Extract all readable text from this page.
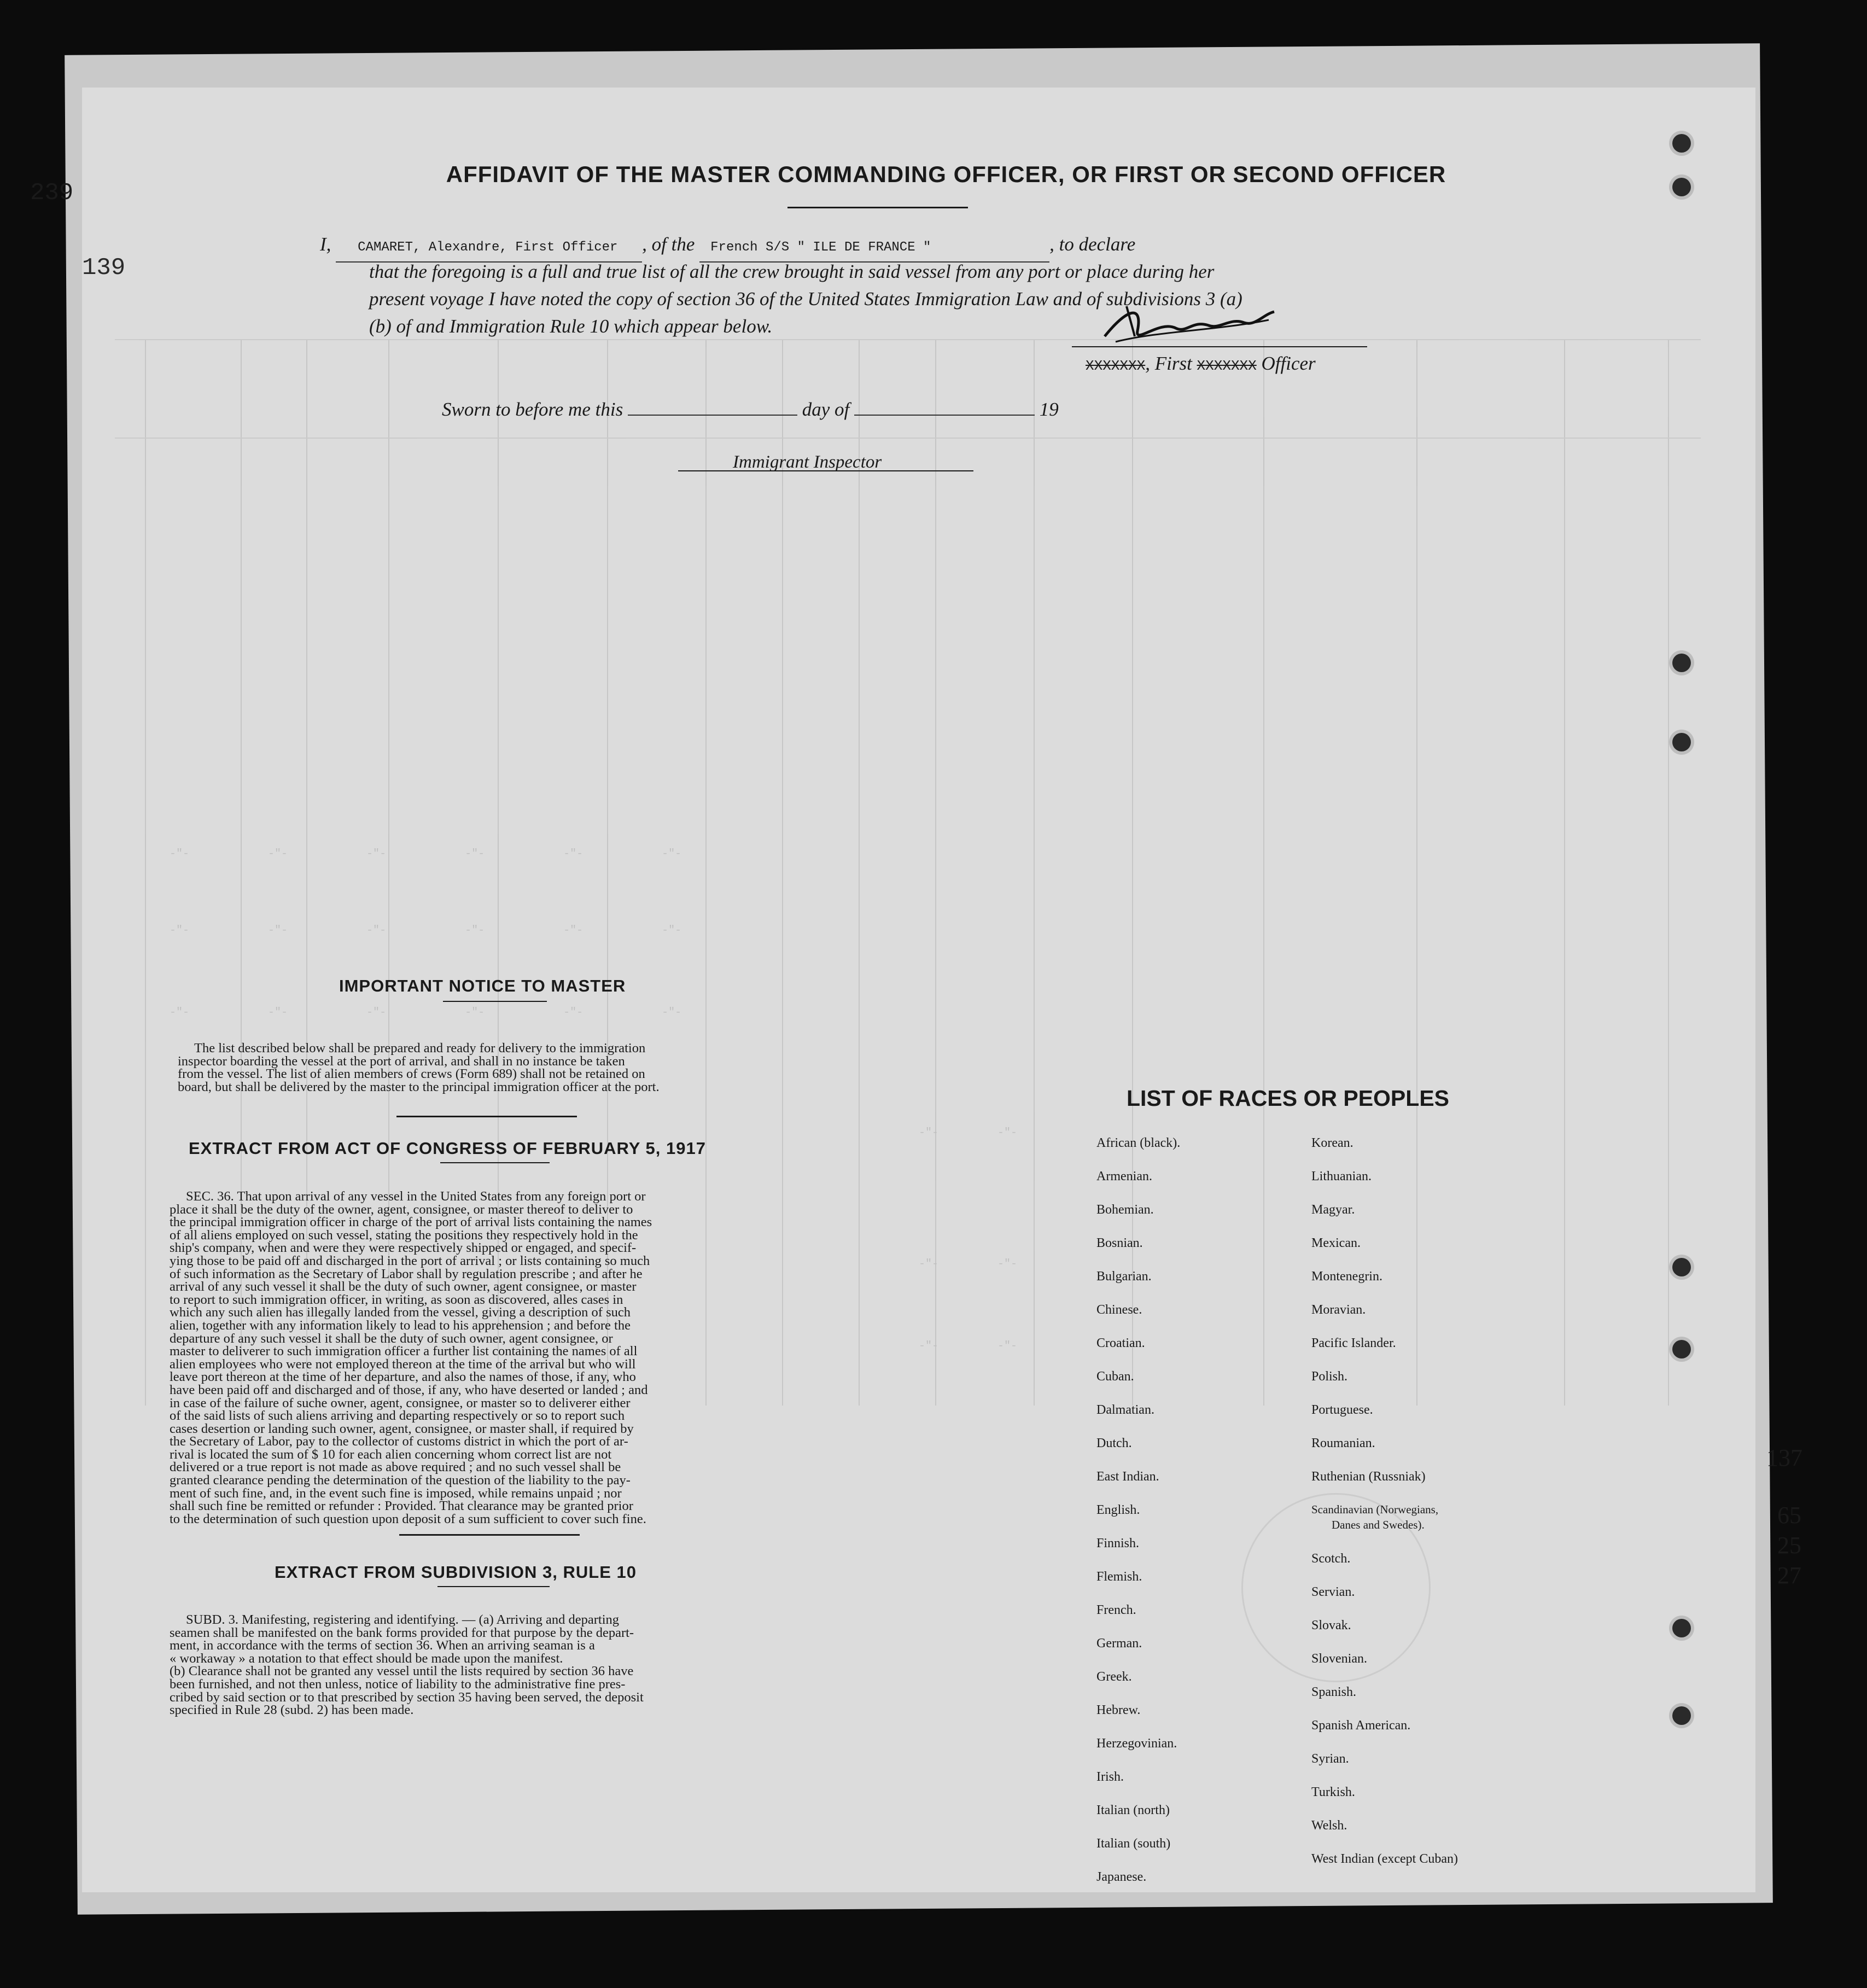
-"-            -"-            -"-            -"-            -"-            -"-
-"-            -"-            -"-            -"-            -"-            -"-
-"-            -"-            -"-            -"-            -"-            -"-
-"-         -"-
-"-         -"-
-"-         -"-
AFFIDAVIT OF THE MASTER COMMANDING OFFICER, OR FIRST OR SECOND OFFICER
I, CAMARET, Alexandre, First Officer , of the French S/S " ILE DE FRANCE "	, to declare
that the foregoing is a full and true list of all the crew brought in said vessel from any port or place during her
present voyage I have noted the copy of section 36 of the United States Immigration Law and of subdivisions 3 (a)
(b) of and Immigration Rule 10 which appear below.
XXXXXXX, First XXXXXXX Officer
Sworn to before me this	day of	19
Immigrant Inspector
IMPORTANT NOTICE TO MASTER
The list described below shall be prepared and ready for delivery to the immigration
inspector boarding the vessel at the port of arrival, and shall in no instance be taken
from the vessel. The list of alien members of crews (Form 689) shall not be retained on
board, but shall be delivered by the master to the principal immigration officer at the port.
EXTRACT FROM ACT OF CONGRESS OF FEBRUARY 5, 1917
SEC. 36. That upon arrival of any vessel in the United States from any foreign port or
place it shall be the duty of the owner, agent, consignee, or master thereof to deliver to
the principal immigration officer in charge of the port of arrival lists containing the names
of all aliens employed on such vessel, stating the positions they respectively hold in the
ship's company, when and were they were respectively shipped or engaged, and specif-
ying those to be paid off and discharged in the port of arrival ; or lists containing so much
of such information as the Secretary of Labor shall by regulation prescribe ; and after he
arrival of any such vessel it shall be the duty of such owner, agent consignee, or master
to report to such immigration officer, in writing, as soon as discovered, alles cases in
which any such alien has illegally landed from the vessel, giving a description of such
alien, together with any information likely to lead to his apprehension ; and before the
departure of any such vessel it shall be the duty of such owner, agent consignee, or
master to deliverer to such immigration officer a further list containing the names of all
alien employees who were not employed thereon at the time of the arrival but who will
leave port thereon at the time of her departure, and also the names of those, if any, who
have been paid off and discharged and of those, if any, who have deserted or landed ; and
in case of the failure of suche owner, agent, consignee, or master so to deliverer either
of the said lists of such aliens arriving and departing respectively or so to report such
cases desertion or landing such owner, agent, consignee, or master shall, if required by
the Secretary of Labor, pay to the collector of customs district in which the port of ar-
rival is located the sum of $ 10 for each alien concerning whom correct list are not
delivered or a true report is not made as above required ; and no such vessel shall be
granted clearance pending the determination of the question of the liability to the pay-
ment of such fine, and, in the event such fine is imposed, while remains unpaid ; nor
shall such fine be remitted or refunder : Provided. That clearance may be granted prior
to the determination of such question upon deposit of a sum sufficient to cover such fine.
EXTRACT FROM SUBDIVISION 3, RULE 10
SUBD. 3. Manifesting, registering and identifying. — (a) Arriving and departing
seamen shall be manifested on the bank forms provided for that purpose by the depart-
ment, in accordance with the terms of section 36. When an arriving seaman is a
« workaway » a notation to that effect should be made upon the manifest.
(b) Clearance shall not be granted any vessel until the lists required by section 36 have
been furnished, and not then unless, notice of liability to the administrative fine pres-
cribed by said section or to that prescribed by section 35 having been served, the deposit
specified in Rule 28 (subd. 2) has been made.
LIST OF RACES OR PEOPLES
African (black).
Armenian.
Bohemian.
Bosnian.
Bulgarian.
Chinese.
Croatian.
Cuban.
Dalmatian.
Dutch.
East Indian.
English.
Finnish.
Flemish.
French.
German.
Greek.
Hebrew.
Herzegovinian.
Irish.
Italian (north)
Italian (south)
Japanese.
Korean.
Lithuanian.
Magyar.
Mexican.
Montenegrin.
Moravian.
Pacific Islander.
Polish.
Portuguese.
Roumanian.
Ruthenian (Russniak)
Scandinavian (Norwegians,
Danes and Swedes).
Scotch.
Servian.
Slovak.
Slovenian.
Spanish.
Spanish American.
Syrian.
Turkish.
Welsh.
West Indian (except Cuban)
239
139
137
65
25
27
